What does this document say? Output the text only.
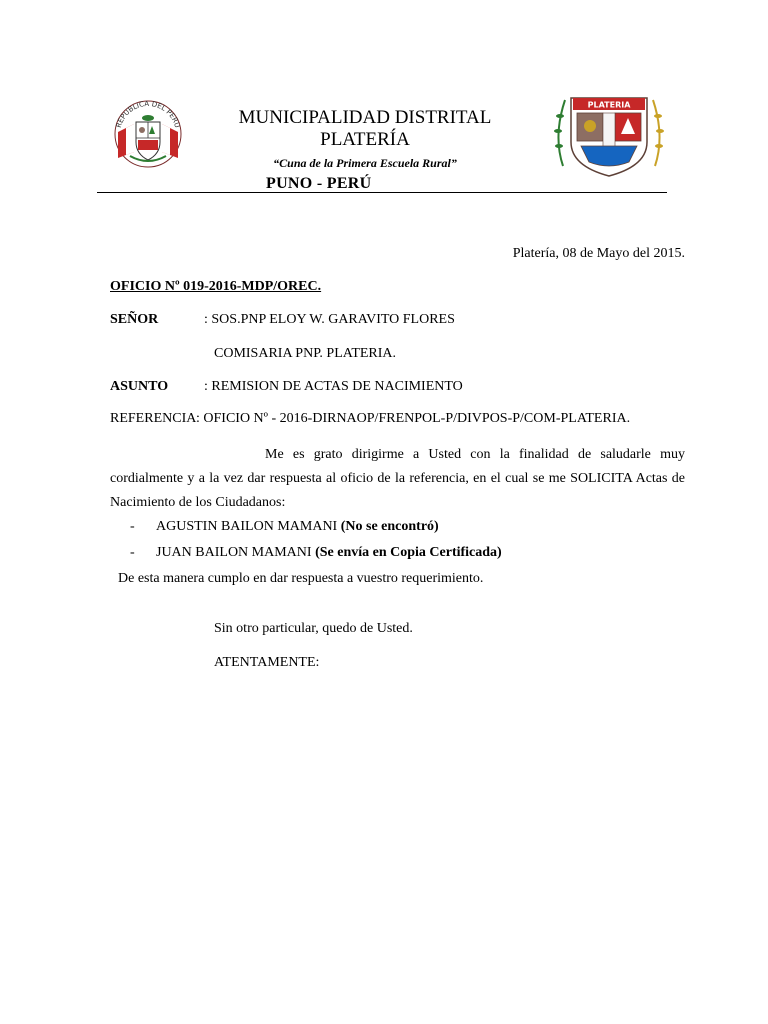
REPUBLICA DEL PERU
PLATERIA
MUNICIPALIDAD DISTRITAL
PLATERÍA
“Cuna de la Primera Escuela Rural”
PUNO - PERÚ
Platería, 08 de Mayo del 2015.
OFICIO Nº 019-2016-MDP/OREC.
SEÑOR	: SOS.PNP ELOY W. GARAVITO FLORES
COMISARIA PNP. PLATERIA.
ASUNTO	: REMISION DE ACTAS DE NACIMIENTO
REFERENCIA : OFICIO Nº - 2016-DIRNAOP/FRENPOL-P/DIVPOS-P/COM-PLATERIA.

Me es grato dirigirme a Usted con la finalidad de saludarle muy cordialmente y a la vez dar respuesta al oficio de la referencia, en el cual se me SOLICITA Actas de Nacimiento de los Ciudadanos:

- AGUSTIN BAILON MAMANI (No se encontró)
- JUAN BAILON MAMANI (Se envía en Copia Certificada)
De esta manera cumplo en dar respuesta a vuestro requerimiento.
Sin otro particular, quedo de Usted.
ATENTAMENTE:
